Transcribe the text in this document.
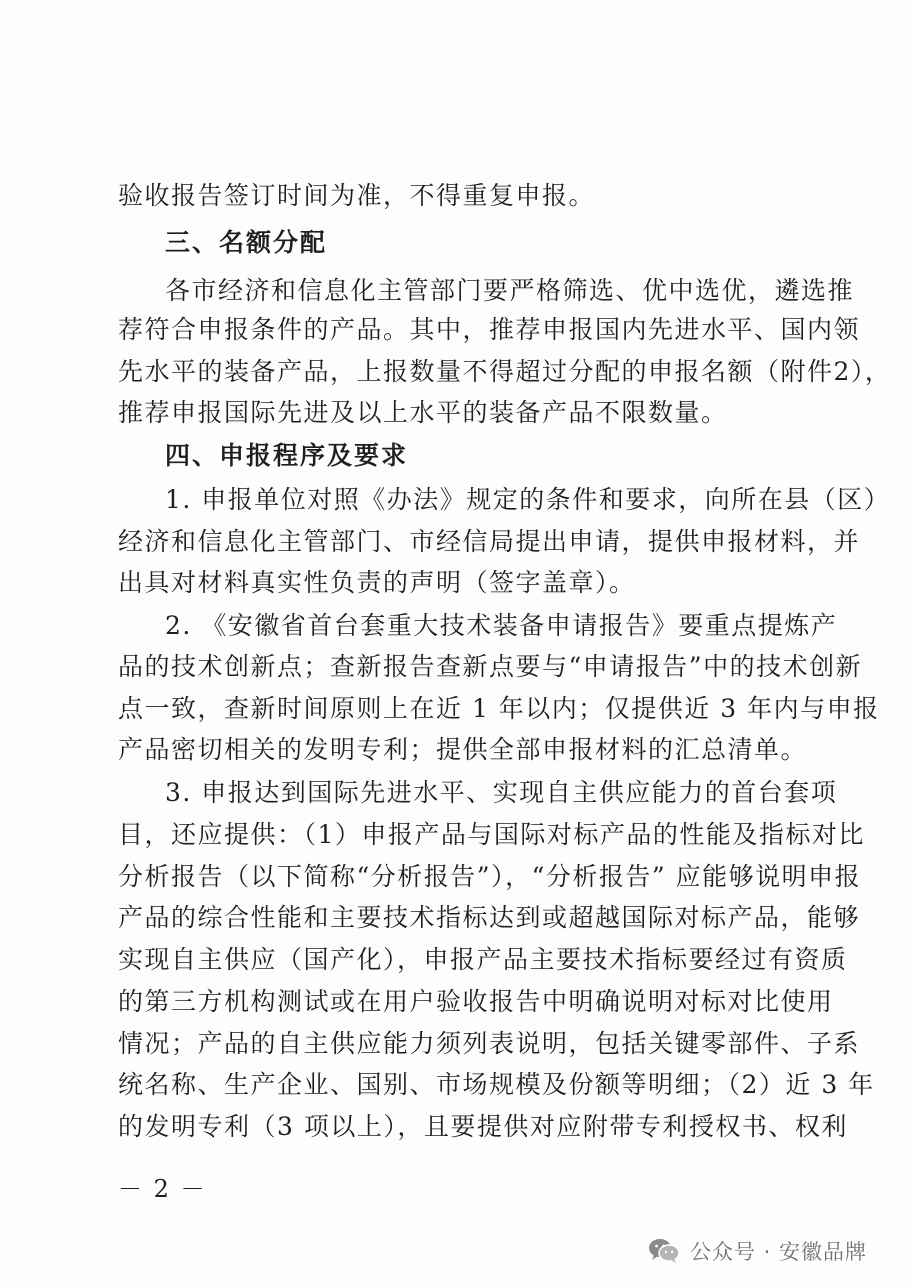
验收报告签订时间为准，不得重复申报。
三、名额分配
各市经济和信息化主管部门要严格筛选、优中选优，遴选推
荐符合申报条件的产品。其中，推荐申报国内先进水平、国内领
先水平的装备产品，上报数量不得超过分配的申报名额（附件2），
推荐申报国际先进及以上水平的装备产品不限数量。
四、申报程序及要求
1. 申报单位对照《办法》规定的条件和要求，向所在县（区）
经济和信息化主管部门、市经信局提出申请，提供申报材料，并
出具对材料真实性负责的声明（签字盖章）。
2. 《安徽省首台套重大技术装备申请报告》要重点提炼产
品的技术创新点；查新报告查新点要与“申请报告”中的技术创新
点一致，查新时间原则上在近 1 年以内；仅提供近 3 年内与申报
产品密切相关的发明专利；提供全部申报材料的汇总清单。
3. 申报达到国际先进水平、实现自主供应能力的首台套项
目，还应提供：（1）申报产品与国际对标产品的性能及指标对比
分析报告（以下简称“分析报告”），“分析报告” 应能够说明申报
产品的综合性能和主要技术指标达到或超越国际对标产品，能够
实现自主供应（国产化），申报产品主要技术指标要经过有资质
的第三方机构测试或在用户验收报告中明确说明对标对比使用
情况；产品的自主供应能力须列表说明，包括关键零部件、子系
统名称、生产企业、国别、市场规模及份额等明细；（2）近 3 年
的发明专利（3 项以上），且要提供对应附带专利授权书、权利
－ 2 －
公众号 · 安徽品牌
